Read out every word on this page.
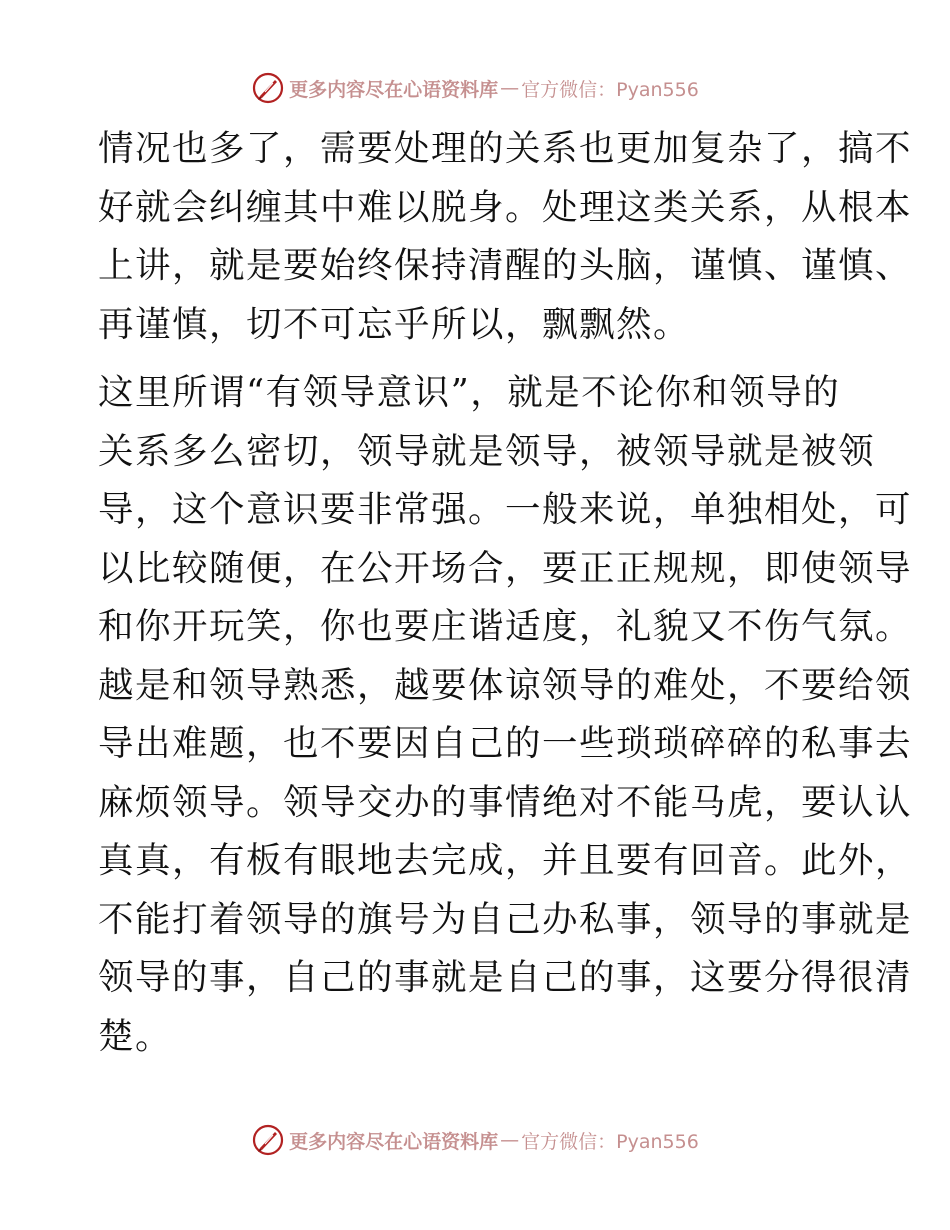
更多内容尽在心语资料库 — 官方微信：Pyan556
情况也多了，需要处理的关系也更加复杂了，搞不
好就会纠缠其中难以脱身。处理这类关系，从根本
上讲，就是要始终保持清醒的头脑，谨慎、谨慎、
再谨慎，切不可忘乎所以，飘飘然。
这里所谓“有领导意识”，就是不论你和领导的
关系多么密切，领导就是领导，被领导就是被领
导，这个意识要非常强。一般来说，单独相处，可
以比较随便，在公开场合，要正正规规，即使领导
和你开玩笑，你也要庄谐适度，礼貌又不伤气氛。
越是和领导熟悉，越要体谅领导的难处，不要给领
导出难题，也不要因自己的一些琐琐碎碎的私事去
麻烦领导。领导交办的事情绝对不能马虎，要认认
真真，有板有眼地去完成，并且要有回音。此外，
不能打着领导的旗号为自己办私事，领导的事就是
领导的事，自己的事就是自己的事，这要分得很清
楚。
更多内容尽在心语资料库 — 官方微信：Pyan556
